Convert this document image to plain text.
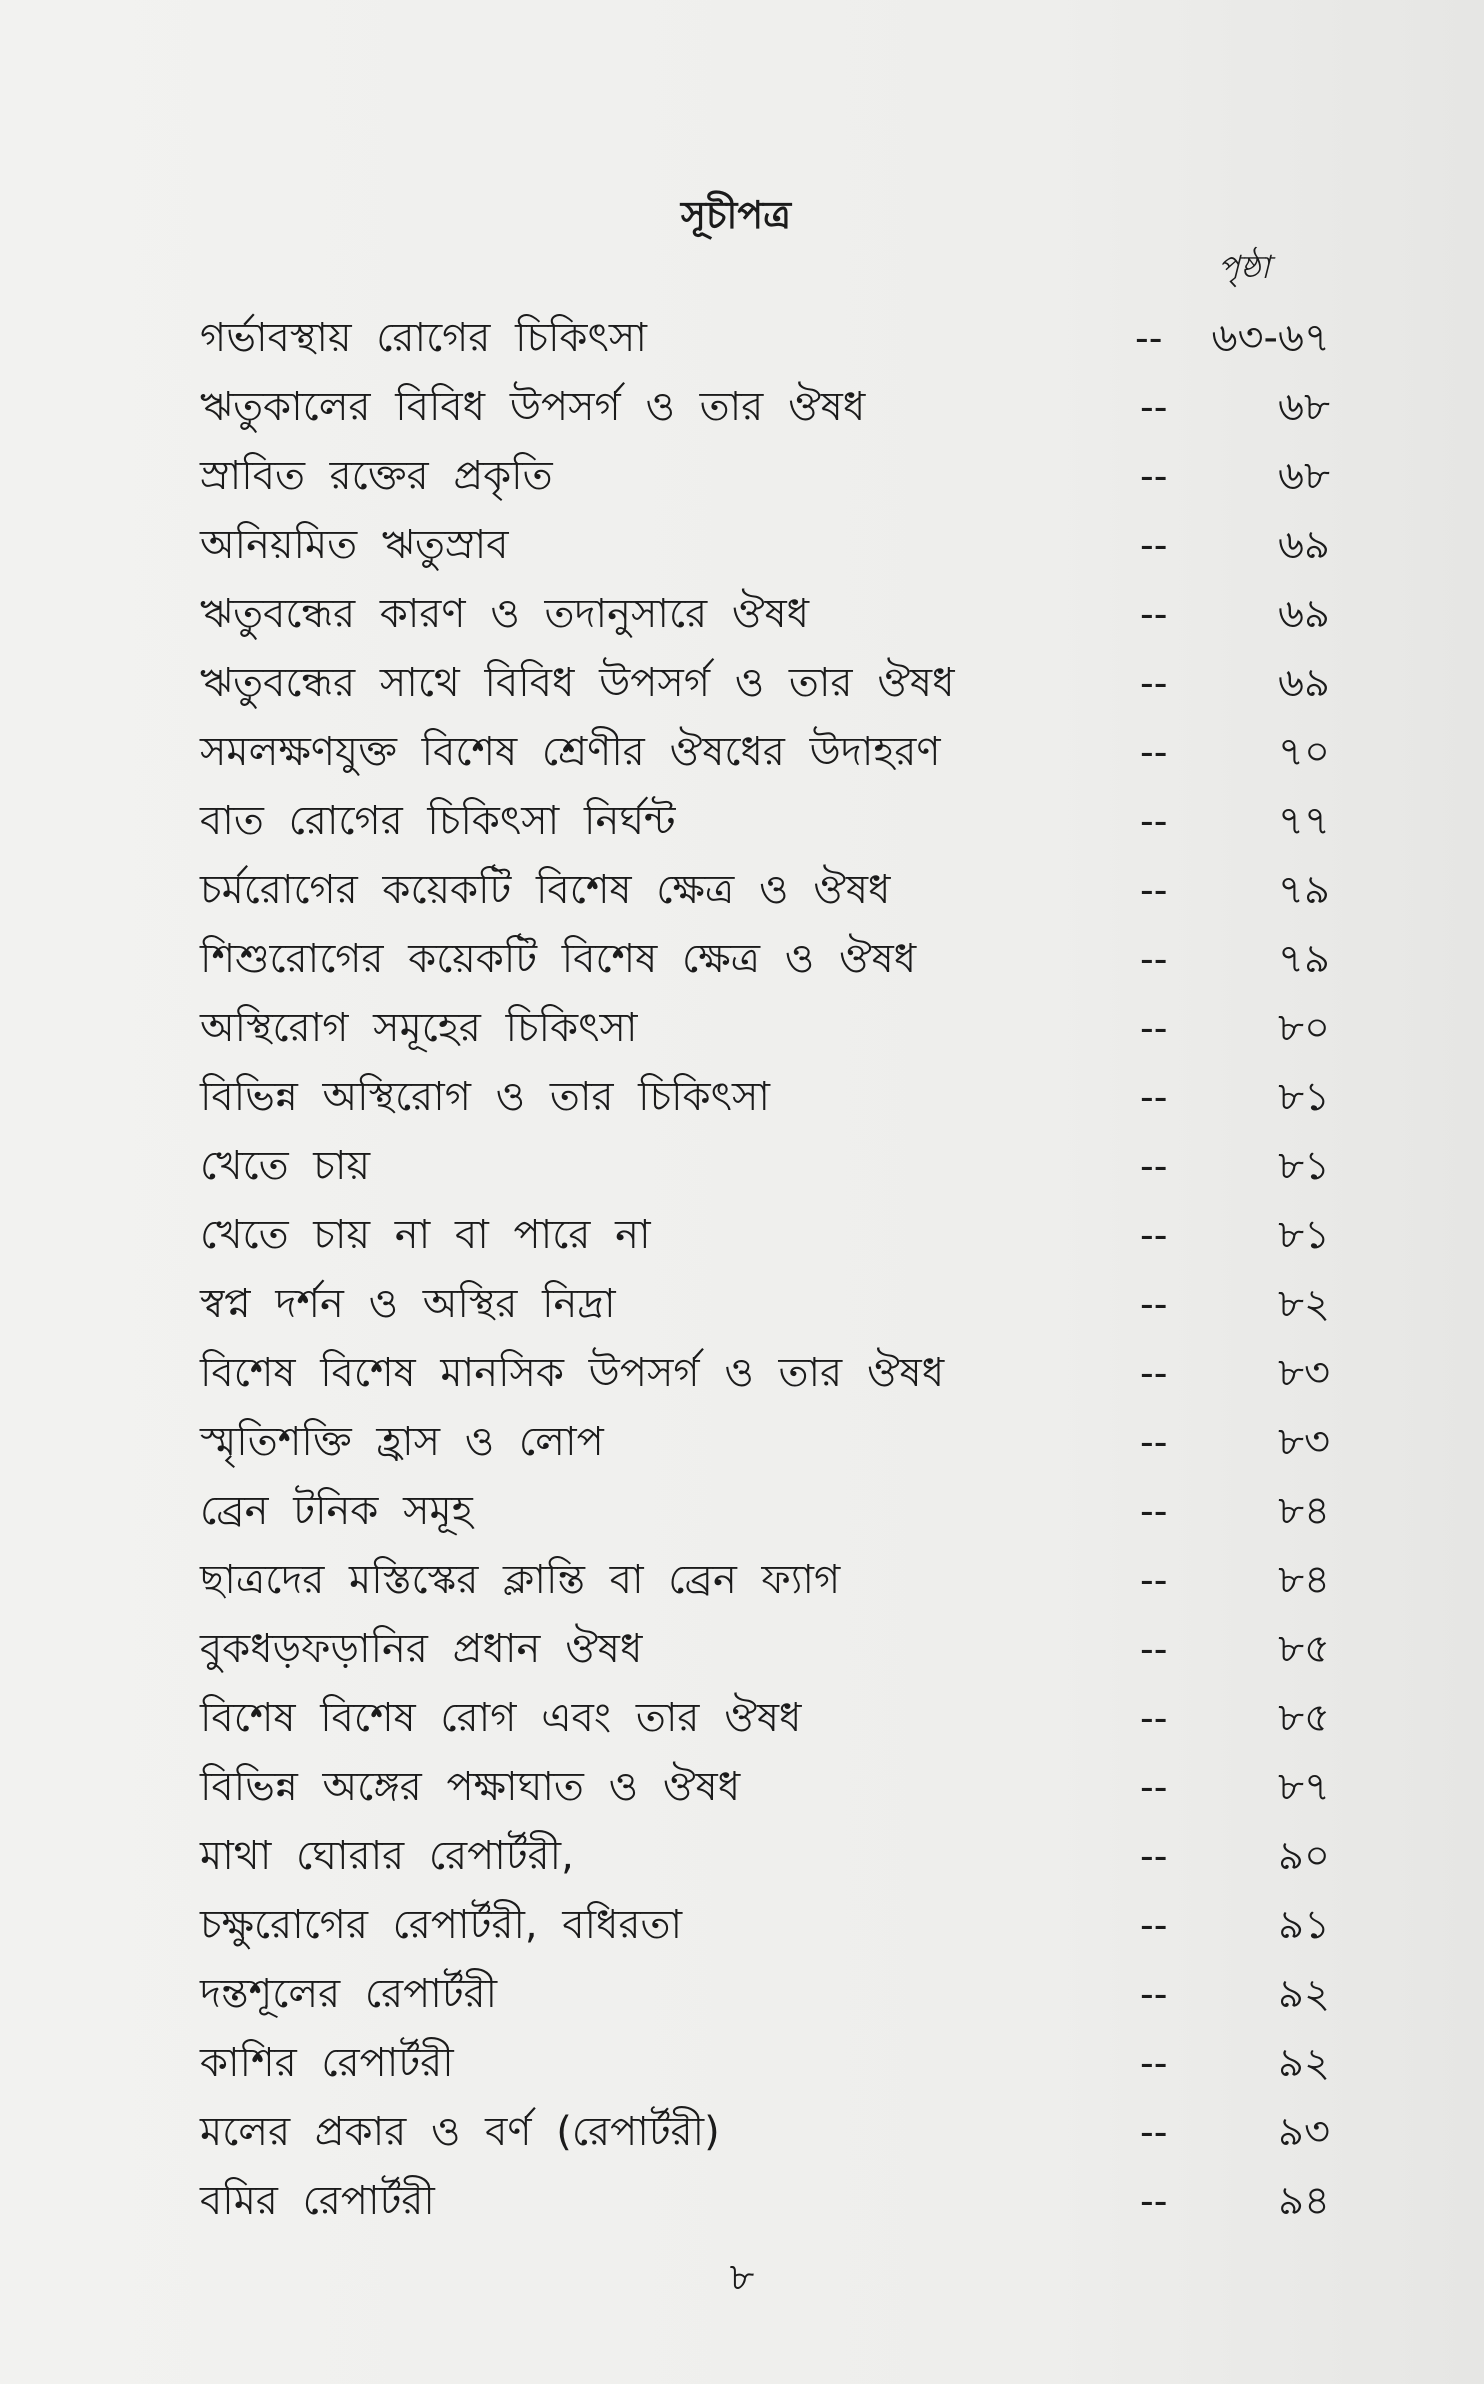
সূচীপত্র
পৃষ্ঠা
গর্ভাবস্থায় রোগের চিকিৎসা	-- ৬৩-৬৭
ঋতুকালের বিবিধ উপসর্গ ও তার ঔষধ	--	৬৮
স্রাবিত রক্তের প্রকৃতি	--	৬৮
অনিয়মিত ঋতুস্রাব	--	৬৯
ঋতুবন্ধের কারণ ও তদানুসারে ঔষধ	--	৬৯
ঋতুবন্ধের সাথে বিবিধ উপসর্গ ও তার ঔষধ	--	৬৯
সমলক্ষণযুক্ত বিশেষ শ্রেণীর ঔষধের উদাহরণ	--	৭০
বাত রোগের চিকিৎসা নির্ঘন্ট	--	৭৭
চর্মরোগের কয়েকটি বিশেষ ক্ষেত্র ও ঔষধ	--	৭৯
শিশুরোগের কয়েকটি বিশেষ ক্ষেত্র ও ঔষধ	--	৭৯
অস্থিরোগ সমূহের চিকিৎসা	--	৮০
বিভিন্ন অস্থিরোগ ও তার চিকিৎসা	--	৮১
খেতে চায়	--	৮১
খেতে চায় না বা পারে না	--	৮১
স্বপ্ন দর্শন ও অস্থির নিদ্রা	--	৮২
বিশেষ বিশেষ মানসিক উপসর্গ ও তার ঔষধ	--	৮৩
স্মৃতিশক্তি হ্রাস ও লোপ	--	৮৩
ব্রেন টনিক সমূহ	--	৮৪
ছাত্রদের মস্তিস্কের ক্লান্তি বা ব্রেন ফ্যাগ	--	৮৪
বুকধড়ফড়ানির প্রধান ঔষধ	--	৮৫
বিশেষ বিশেষ রোগ এবং তার ঔষধ	--	৮৫
বিভিন্ন অঙ্গের পক্ষাঘাত ও ঔষধ	--	৮৭
মাথা ঘোরার রেপার্টরী,	--	৯০
চক্ষুরোগের রেপার্টরী, বধিরতা	--	৯১
দন্তশূলের রেপার্টরী	--	৯২
কাশির রেপার্টরী	--	৯২
মলের প্রকার ও বর্ণ (রেপার্টরী)	--	৯৩
বমির রেপার্টরী	--	৯৪
৮
